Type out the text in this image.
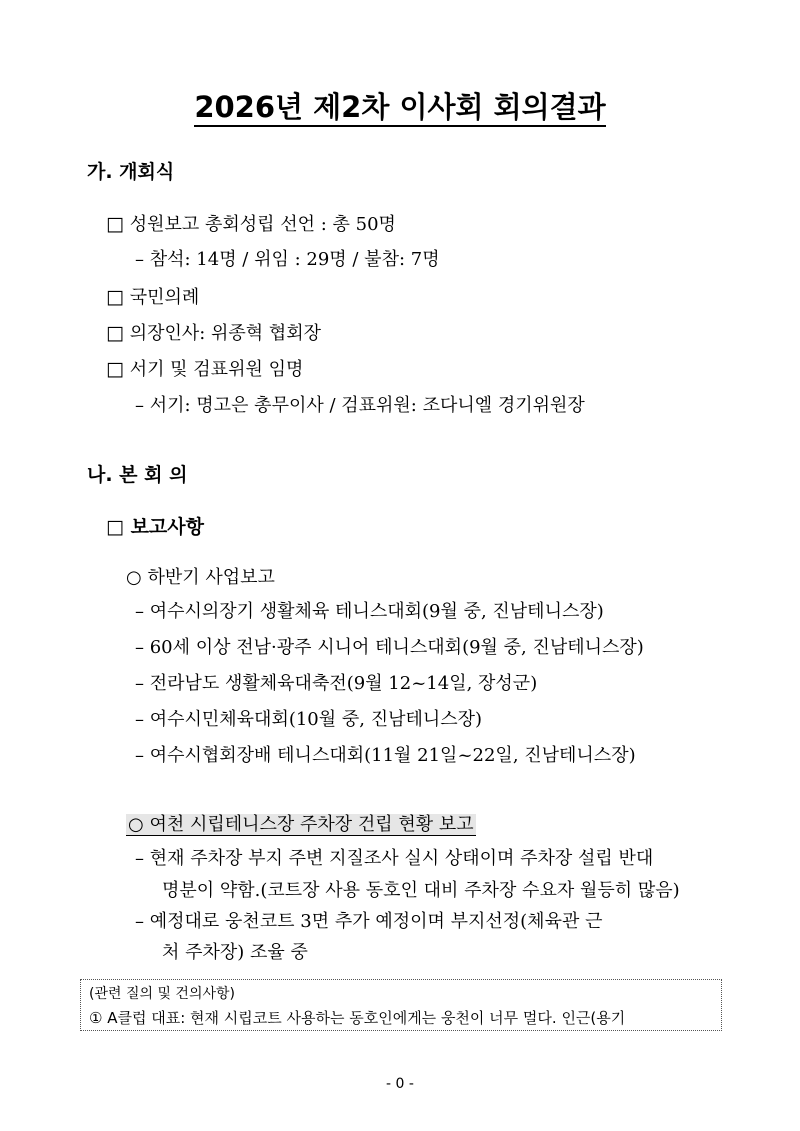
2026년 제2차 이사회 회의결과
가. 개회식
□ 성원보고 총회성립 선언 : 총 50명
– 참석: 14명 / 위임 : 29명 / 불참: 7명
□ 국민의례
□ 의장인사: 위종혁 협회장
□ 서기 및 검표위원 임명
– 서기: 명고은 총무이사 / 검표위원: 조다니엘 경기위원장
나. 본 회 의
□ 보고사항
○ 하반기 사업보고
– 여수시의장기 생활체육 테니스대회(9월 중, 진남테니스장)
– 60세 이상 전남·광주 시니어 테니스대회(9월 중, 진남테니스장)
– 전라남도 생활체육대축전(9월 12~14일, 장성군)
– 여수시민체육대회(10월 중, 진남테니스장)
– 여수시협회장배 테니스대회(11월 21일~22일, 진남테니스장)
○ 여천 시립테니스장 주차장 건립 현황 보고
– 현재 주차장 부지 주변 지질조사 실시 상태이며 주차장 설립 반대
명분이 약함.(코트장 사용 동호인 대비 주차장 수요자 월등히 많음)
– 예정대로 웅천코트 3면 추가 예정이며 부지선정(체육관 근
처 주차장) 조율 중
(관련 질의 및 건의사항)
① A클럽 대표: 현재 시립코트 사용하는 동호인에게는 웅천이 너무 멀다. 인근(용기
- 0 -
